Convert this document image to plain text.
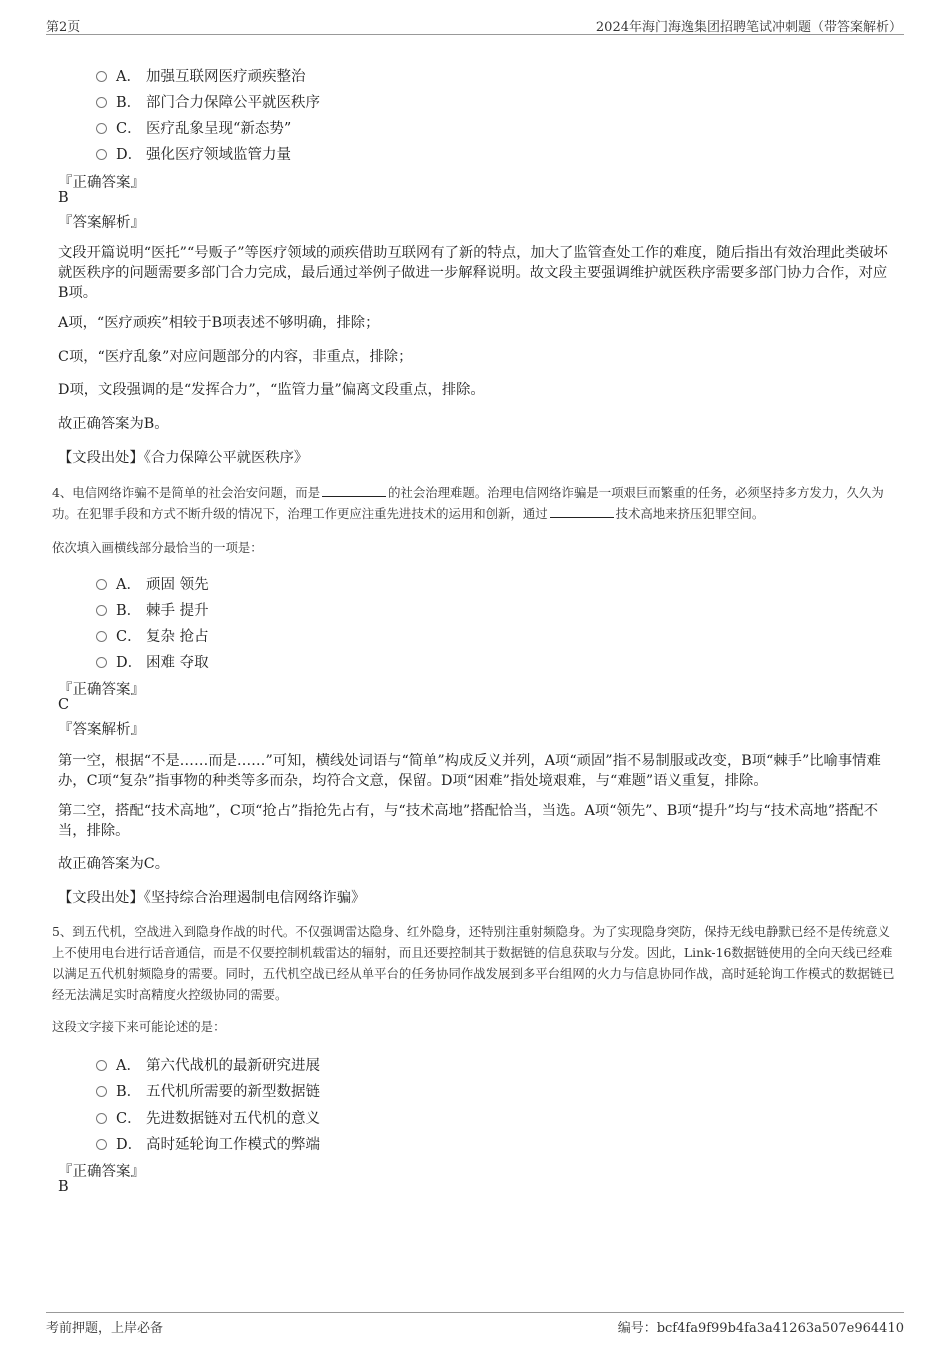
第2页	2024年海门海逸集团招聘笔试冲刺题（带答案解析）
A． 加强互联网医疗顽疾整治
B． 部门合力保障公平就医秩序
C． 医疗乱象呈现“新态势”
D． 强化医疗领域监管力量
『正确答案』
B
『答案解析』
文段开篇说明“医托”“号贩子”等医疗领域的顽疾借助互联网有了新的特点，加大了监管查处工作的难度，随后指出有效治理此类破坏就医秩序的问题需要多部门合力完成，最后通过举例子做进一步解释说明。故文段主要强调维护就医秩序需要多部门协力合作，对应B项。
A项，“医疗顽疾”相较于B项表述不够明确，排除；
C项，“医疗乱象”对应问题部分的内容，非重点，排除；
D项，文段强调的是“发挥合力”，“监管力量”偏离文段重点，排除。
故正确答案为B。
【文段出处】《合力保障公平就医秩序》
4、电信网络诈骗不是简单的社会治安问题，而是	的社会治理难题。治理电信网络诈骗是一项艰巨而繁重的任务，必须坚持多方发力，久久为功。在犯罪手段和方式不断升级的情况下，治理工作更应注重先进技术的运用和创新，通过	技术高地来挤压犯罪空间。
依次填入画横线部分最恰当的一项是：
A． 顽固 领先
B． 棘手 提升
C． 复杂 抢占
D． 困难 夺取
『正确答案』
C
『答案解析』
第一空，根据“不是……而是……”可知，横线处词语与“简单”构成反义并列，A项“顽固”指不易制服或改变，B项“棘手”比喻事情难办，C项“复杂”指事物的种类等多而杂，均符合文意，保留。D项“困难”指处境艰难，与“难题”语义重复，排除。
第二空，搭配“技术高地”，C项“抢占”指抢先占有，与“技术高地”搭配恰当，当选。A项“领先”、B项“提升”均与“技术高地”搭配不当，排除。
故正确答案为C。
【文段出处】《坚持综合治理遏制电信网络诈骗》
5、到五代机，空战进入到隐身作战的时代。不仅强调雷达隐身、红外隐身，还特别注重射频隐身。为了实现隐身突防，保持无线电静默已经不是传统意义上不使用电台进行话音通信，而是不仅要控制机载雷达的辐射，而且还要控制其于数据链的信息获取与分发。因此，Link-16数据链使用的全向天线已经难以满足五代机射频隐身的需要。同时，五代机空战已经从单平台的任务协同作战发展到多平台组网的火力与信息协同作战，高时延轮询工作模式的数据链已经无法满足实时高精度火控级协同的需要。
这段文字接下来可能论述的是：
A． 第六代战机的最新研究进展
B． 五代机所需要的新型数据链
C． 先进数据链对五代机的意义
D． 高时延轮询工作模式的弊端
『正确答案』
B
考前押题，上岸必备	编号：bcf4fa9f99b4fa3a41263a507e964410
